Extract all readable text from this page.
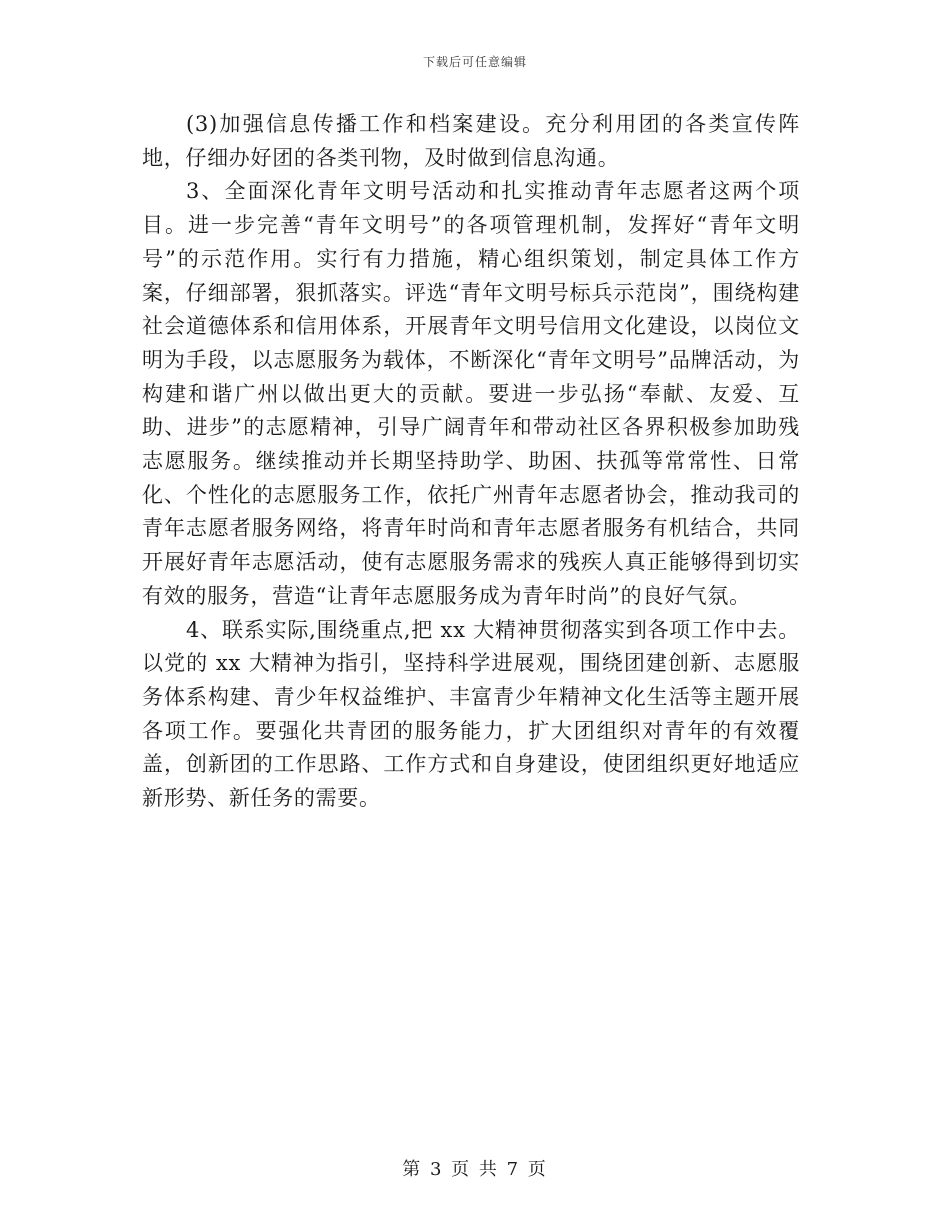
下载后可任意编辑

(3)加强信息传播工作和档案建设。充分利用团的各类宣传阵地，仔细办好团的各类刊物，及时做到信息沟通。

3、全面深化青年文明号活动和扎实推动青年志愿者这两个项目。进一步完善“青年文明号”的各项管理机制，发挥好“青年文明号”的示范作用。实行有力措施，精心组织策划，制定具体工作方案，仔细部署，狠抓落实。评选“青年文明号标兵示范岗”，围绕构建社会道德体系和信用体系，开展青年文明号信用文化建设，以岗位文明为手段，以志愿服务为载体，不断深化“青年文明号”品牌活动，为构建和谐广州以做出更大的贡献。要进一步弘扬“奉献、友爱、互助、进步”的志愿精神，引导广阔青年和带动社区各界积极参加助残志愿服务。继续推动并长期坚持助学、助困、扶孤等常常性、日常化、个性化的志愿服务工作，依托广州青年志愿者协会，推动我司的青年志愿者服务网络，将青年时尚和青年志愿者服务有机结合，共同开展好青年志愿活动，使有志愿服务需求的残疾人真正能够得到切实有效的服务，营造“让青年志愿服务成为青年时尚”的良好气氛。

4、联系实际,围绕重点,把 xx 大精神贯彻落实到各项工作中去。以党的 xx 大精神为指引，坚持科学进展观，围绕团建创新、志愿服务体系构建、青少年权益维护、丰富青少年精神文化生活等主题开展各项工作。要强化共青团的服务能力，扩大团组织对青年的有效覆盖，创新团的工作思路、工作方式和自身建设，使团组织更好地适应新形势、新任务的需要。

第 3 页 共 7 页
